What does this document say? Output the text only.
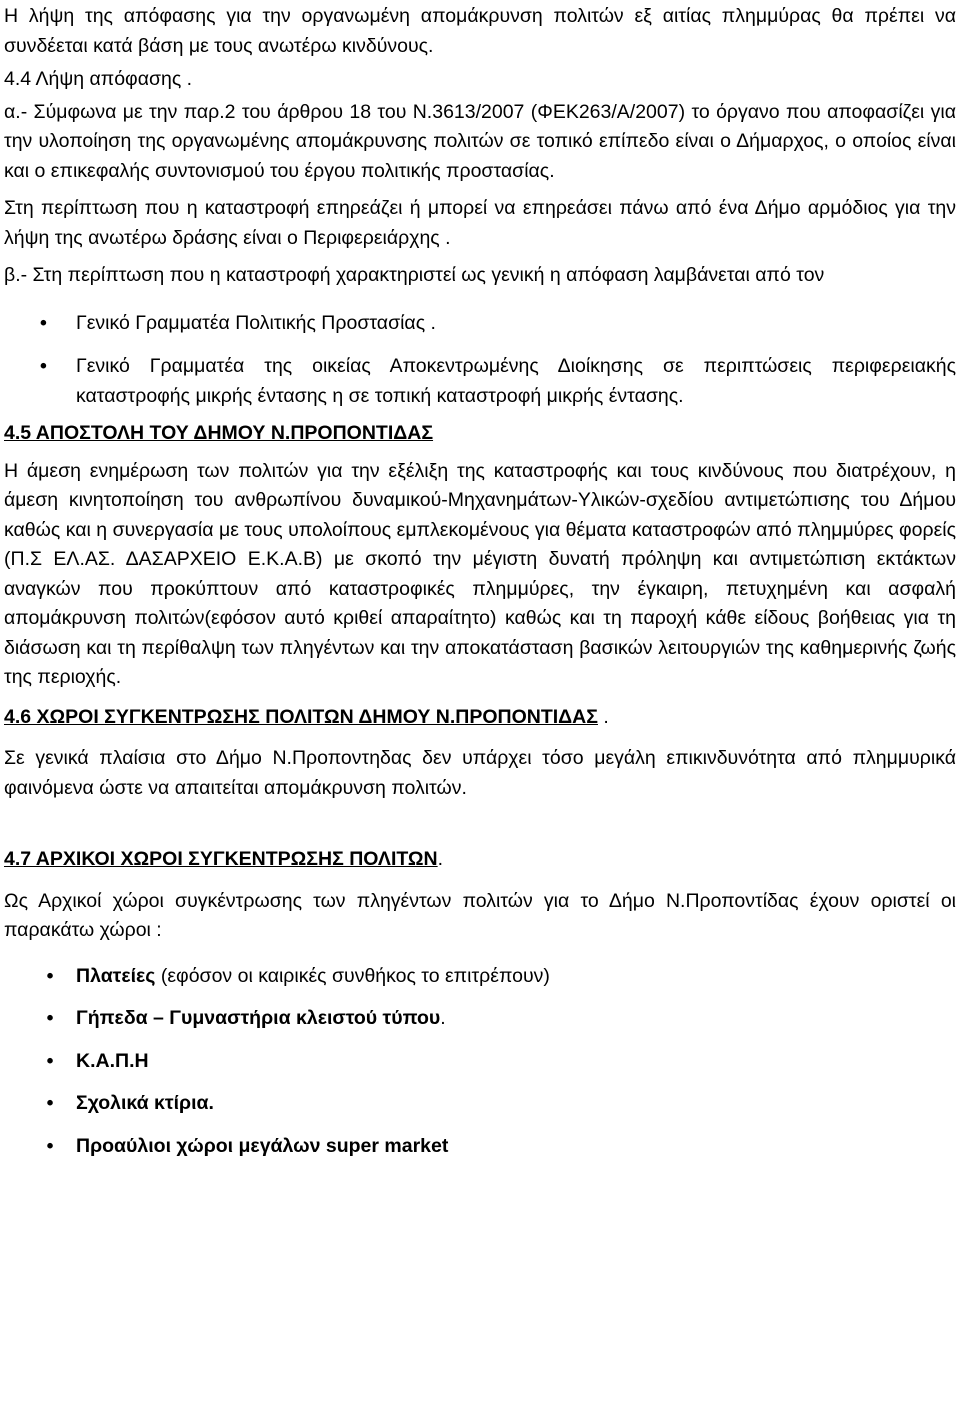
Η λήψη της απόφασης για την οργανωμένη απομάκρυνση πολιτών εξ αιτίας πλημμύρας θα πρέπει να συνδέεται κατά βάση με τους ανωτέρω κινδύνους.

4.4 Λήψη απόφασης .

α.- Σύμφωνα με την παρ.2 του άρθρου 18 του Ν.3613/2007 (ΦΕΚ263/Α/2007) το όργανο που αποφασίζει για την υλοποίηση της οργανωμένης απομάκρυνσης πολιτών σε τοπικό επίπεδο είναι ο Δήμαρχος, ο οποίος είναι και ο επικεφαλής συντονισμού του έργου πολιτικής προστασίας.

Στη περίπτωση που η καταστροφή επηρεάζει ή μπορεί να επηρεάσει πάνω από ένα Δήμο αρμόδιος για την λήψη της ανωτέρω δράσης είναι ο Περιφερειάρχης .

β.- Στη περίπτωση που η καταστροφή χαρακτηριστεί ως γενική η απόφαση λαμβάνεται από τον

•	Γενικό Γραμματέα Πολιτικής Προστασίας .
•	Γενικό Γραμματέα της οικείας Αποκεντρωμένης Διοίκησης σε περιπτώσεις περιφερειακής καταστροφής μικρής έντασης η σε τοπική καταστροφή μικρής έντασης.

4.5 ΑΠΟΣΤΟΛΗ ΤΟΥ ΔΗΜΟΥ Ν.ΠΡΟΠΟΝΤΙΔΑΣ

Η άμεση ενημέρωση των πολιτών για την εξέλιξη της καταστροφής και τους κινδύνους που διατρέχουν, η άμεση κινητοποίηση του ανθρωπίνου δυναμικού-Μηχανημάτων-Υλικών-σχεδίου αντιμετώπισης του Δήμου καθώς και η συνεργασία με τους υπολοίπους εμπλεκομένους για θέματα καταστροφών από πλημμύρες φορείς (Π.Σ ΕΛ.ΑΣ. ΔΑΣΑΡΧΕΙΟ Ε.Κ.Α.Β) με σκοπό την μέγιστη δυνατή πρόληψη και αντιμετώπιση εκτάκτων αναγκών που προκύπτουν από καταστροφικές πλημμύρες, την έγκαιρη, πετυχημένη και ασφαλή απομάκρυνση πολιτών(εφόσον αυτό κριθεί απαραίτητο) καθώς και τη παροχή κάθε είδους βοήθειας για τη διάσωση και τη περίθαλψη των πληγέντων και την αποκατάσταση βασικών λειτουργιών της καθημερινής ζωής της περιοχής.

4.6 ΧΩΡΟΙ ΣΥΓΚΕΝΤΡΩΣΗΣ ΠΟΛΙΤΩΝ ΔΗΜΟΥ Ν.ΠΡΟΠΟΝΤΙΔΑΣ .

Σε γενικά πλαίσια στο Δήμο Ν.Προποντηδας δεν υπάρχει τόσο μεγάλη επικινδυνότητα από πλημμυρικά φαινόμενα ώστε να απαιτείται απομάκρυνση πολιτών.

4.7 ΑΡΧΙΚΟΙ ΧΩΡΟΙ ΣΥΓΚΕΝΤΡΩΣΗΣ ΠΟΛΙΤΩΝ.

Ως Αρχικοί χώροι συγκέντρωσης των πληγέντων πολιτών για το Δήμο Ν.Προποντίδας έχουν οριστεί οι παρακάτω χώροι :

•	Πλατείες (εφόσον οι καιρικές συνθήκος το επιτρέπουν)
•	Γήπεδα – Γυμναστήρια κλειστού τύπου.
•	Κ.Α.Π.Η
•	Σχολικά κτίρια.
•	Προαύλιοι χώροι μεγάλων super market
